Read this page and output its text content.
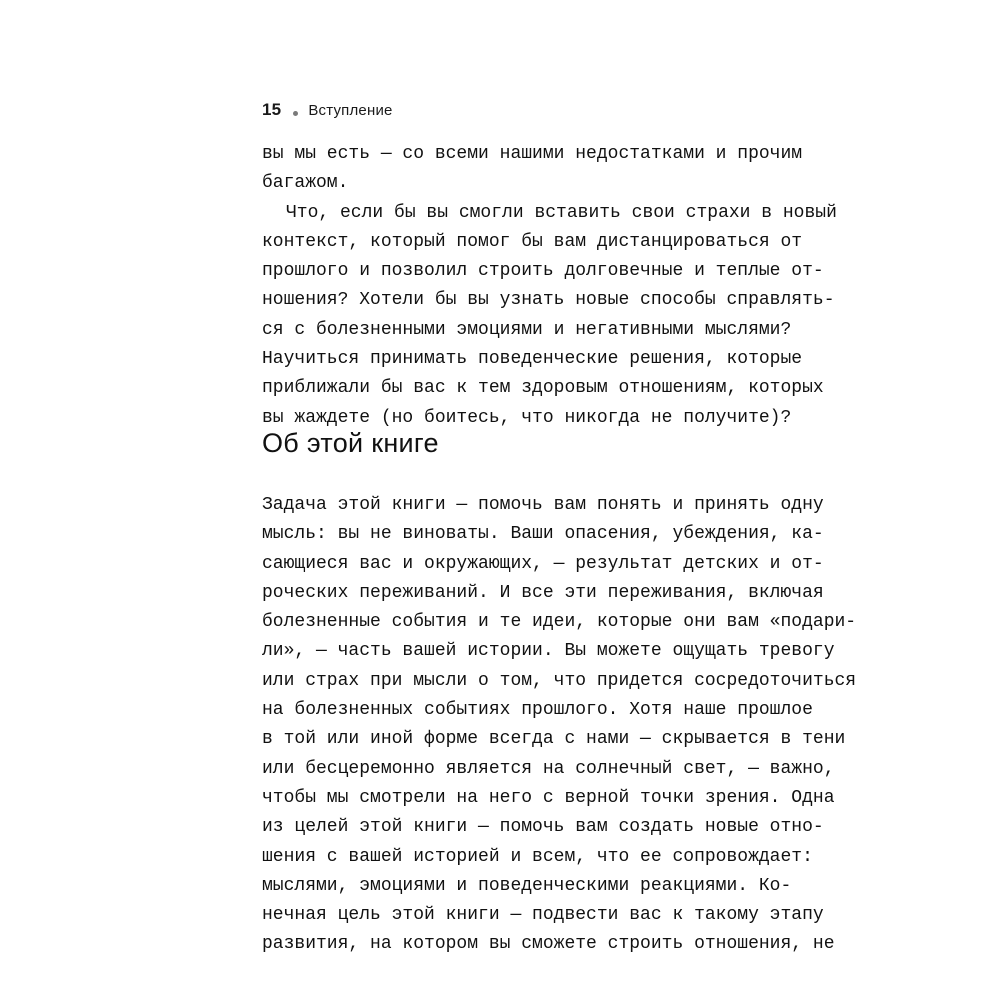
15 Вступление
вы мы есть — со всеми нашими недостатками и прочим
багажом.
Что, если бы вы смогли вставить свои страхи в новый
контекст, который помог бы вам дистанцироваться от
прошлого и позволил строить долговечные и теплые от-
ношения? Хотели бы вы узнать новые способы справлять-
ся с болезненными эмоциями и негативными мыслями?
Научиться принимать поведенческие решения, которые
приближали бы вас к тем здоровым отношениям, которых
вы жаждете (но боитесь, что никогда не получите)?
Об этой книге
Задача этой книги — помочь вам понять и принять одну
мысль: вы не виноваты. Ваши опасения, убеждения, ка-
сающиеся вас и окружающих, — результат детских и от-
роческих переживаний. И все эти переживания, включая
болезненные события и те идеи, которые они вам «подари-
ли», — часть вашей истории. Вы можете ощущать тревогу
или страх при мысли о том, что придется сосредоточиться
на болезненных событиях прошлого. Хотя наше прошлое
в той или иной форме всегда с нами — скрывается в тени
или бесцеремонно является на солнечный свет, — важно,
чтобы мы смотрели на него с верной точки зрения. Одна
из целей этой книги — помочь вам создать новые отно-
шения с вашей историей и всем, что ее сопровождает:
мыслями, эмоциями и поведенческими реакциями. Ко-
нечная цель этой книги — подвести вас к такому этапу
развития, на котором вы сможете строить отношения, не
